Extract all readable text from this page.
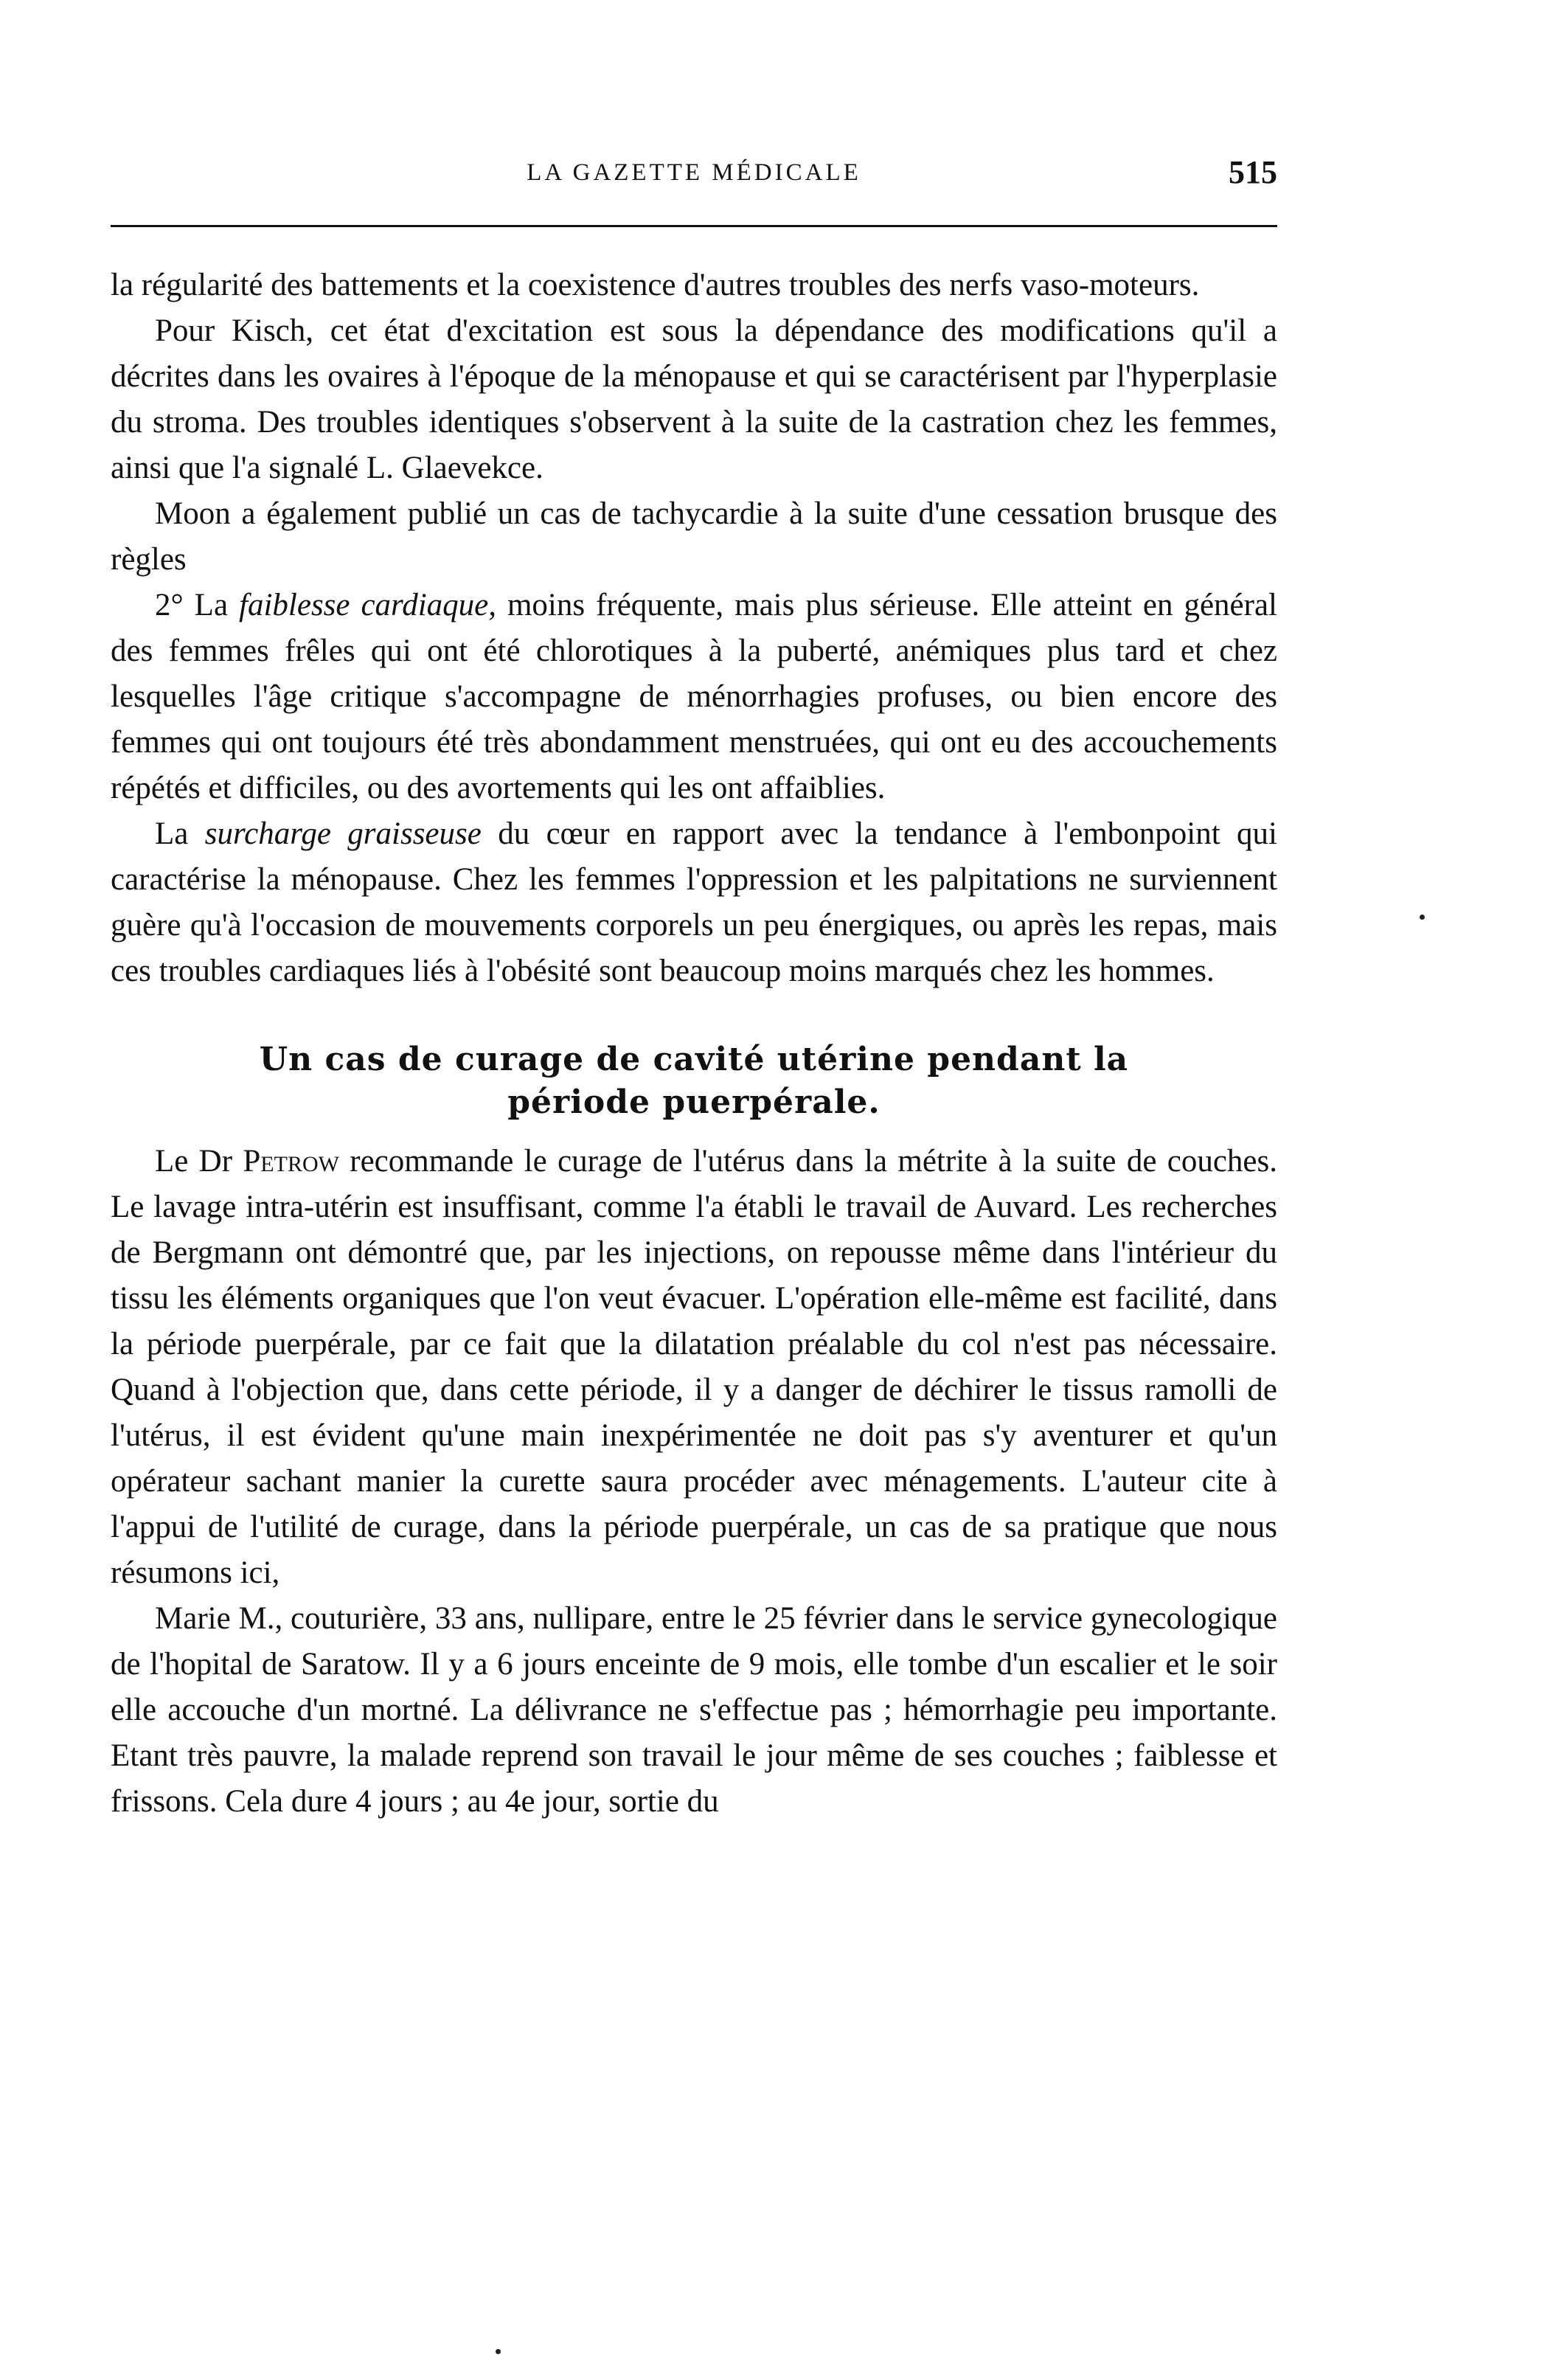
LA GAZETTE MÉDICALE	515

la régularité des battements et la coexistence d'autres troubles des nerfs vaso-moteurs.

Pour Kisch, cet état d'excitation est sous la dépendance des modifications qu'il a décrites dans les ovaires à l'époque de la ménopause et qui se caractérisent par l'hyperplasie du stroma. Des troubles identiques s'observent à la suite de la castration chez les femmes, ainsi que l'a signalé L. Glaevekce.

Moon a également publié un cas de tachycardie à la suite d'une cessation brusque des règles

2° La faiblesse cardiaque, moins fréquente, mais plus sérieuse. Elle atteint en général des femmes frêles qui ont été chlorotiques à la puberté, anémiques plus tard et chez lesquelles l'âge critique s'accompagne de ménorrhagies profuses, ou bien encore des femmes qui ont toujours été très abondamment menstruées, qui ont eu des accouchements répétés et difficiles, ou des avortements qui les ont affaiblies.

La surcharge graisseuse du cœur en rapport avec la tendance à l'embonpoint qui caractérise la ménopause. Chez les femmes l'oppression et les palpitations ne surviennent guère qu'à l'occasion de mouvements corporels un peu énergiques, ou après les repas, mais ces troubles cardiaques liés à l'obésité sont beaucoup moins marqués chez les hommes.

Un cas de curage de cavité utérine pendant la
période puerpérale.

Le Dr Petrow recommande le curage de l'utérus dans la métrite à la suite de couches. Le lavage intra-utérin est insuffisant, comme l'a établi le travail de Auvard. Les recherches de Bergmann ont démontré que, par les injections, on repousse même dans l'intérieur du tissu les éléments organiques que l'on veut évacuer. L'opération elle-même est facilité, dans la période puerpérale, par ce fait que la dilatation préalable du col n'est pas nécessaire. Quand à l'objection que, dans cette période, il y a danger de déchirer le tissus ramolli de l'utérus, il est évident qu'une main inexpérimentée ne doit pas s'y aventurer et qu'un opérateur sachant manier la curette saura procéder avec ménagements. L'auteur cite à l'appui de l'utilité de curage, dans la période puerpérale, un cas de sa pratique que nous résumons ici,

Marie M., couturière, 33 ans, nullipare, entre le 25 février dans le service gynecologique de l'hopital de Saratow. Il y a 6 jours enceinte de 9 mois, elle tombe d'un escalier et le soir elle accouche d'un mortné. La délivrance ne s'effectue pas ; hémorrhagie peu importante. Etant très pauvre, la malade reprend son travail le jour même de ses couches ; faiblesse et frissons. Cela dure 4 jours ; au 4e jour, sortie du
